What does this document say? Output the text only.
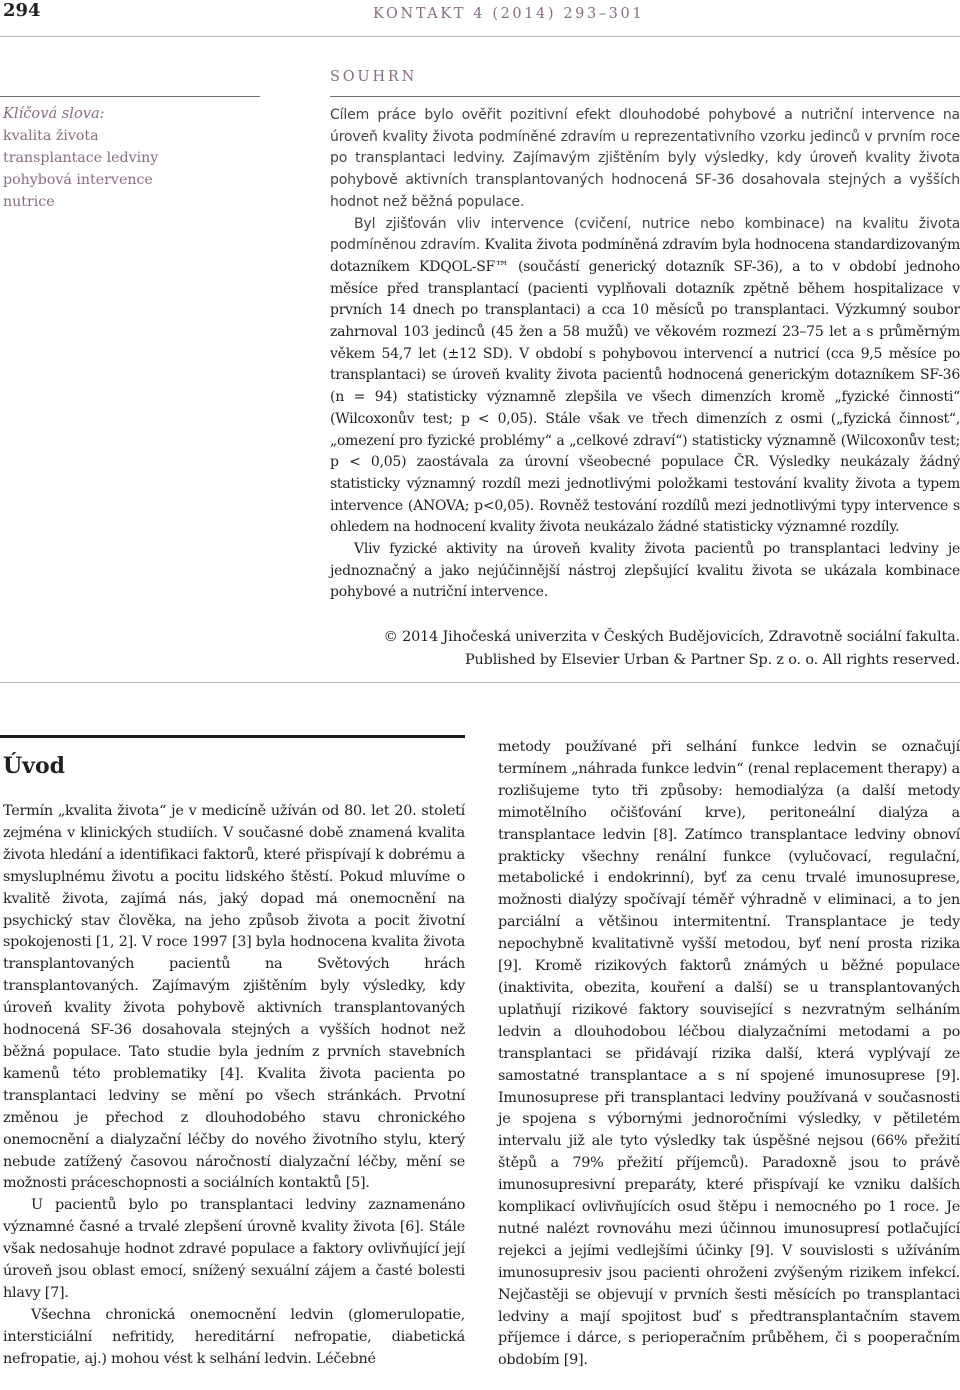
294	KONTAKT 4 (2014) 293–301
SOUHRN
Klíčová slova:
kvalita života
transplantace ledviny
pohybová intervence
nutrice

Cílem práce bylo ověřit pozitivní efekt dlouhodobé pohybové a nutriční intervence na úroveň kvality života podmíněné zdravím u reprezentativního vzorku jedinců v prvním roce po transplantaci ledviny. Zajímavým zjištěním byly výsledky, kdy úroveň kvality života pohybově aktivních transplantovaných hodnocená SF-36 dosahovala stejných a vyšších hodnot než běžná populace.

Byl zjišťován vliv intervence (cvičení, nutrice nebo kombinace) na kvalitu života podmíněnou zdravím. Kvalita života podmíněná zdravím byla hodnocena standardizovaným dotazníkem KDQOL-SF™ (součástí generický dotazník SF-36), a to v období jednoho měsíce před transplantací (pacienti vyplňovali dotazník zpětně během hospitalizace v prvních 14 dnech po transplantaci) a cca 10 měsíců po transplantaci. Výzkumný soubor zahrnoval 103 jedinců (45 žen a 58 mužů) ve věkovém rozmezí 23–75 let a s průměrným věkem 54,7 let (±12 SD). V období s pohybovou intervencí a nutricí (cca 9,5 měsíce po transplantaci) se úroveň kvality života pacientů hodnocená generickým dotazníkem SF-36 (n = 94) statisticky významně zlepšila ve všech dimenzích kromě „fyzické činnosti“ (Wilcoxonův test; p < 0,05). Stále však ve třech dimenzích z osmi („fyzická činnost“, „omezení pro fyzické problémy“ a „celkové zdraví“) statisticky významně (Wilcoxonův test; p < 0,05) zaostávala za úrovní všeobecné populace ČR. Výsledky neukázaly žádný statisticky významný rozdíl mezi jednotlivými položkami testování kvality života a typem intervence (ANOVA; p<0,05). Rovněž testování rozdílů mezi jednotlivými typy intervence s ohledem na hodnocení kvality života neukázalo žádné statisticky významné rozdíly.

Vliv fyzické aktivity na úroveň kvality života pacientů po transplantaci ledviny je jednoznačný a jako nejúčinnější nástroj zlepšující kvalitu života se ukázala kombinace pohybové a nutriční intervence.

© 2014 Jihočeská univerzita v Českých Budějovicích, Zdravotně sociální fakulta.
Published by Elsevier Urban & Partner Sp. z o. o. All rights reserved.
Úvod

Termín „kvalita života“ je v medicíně užíván od 80. let 20. století zejména v klinických studiích. V současné době znamená kvalita života hledání a identifikaci faktorů, které přispívají k dobrému a smysluplnému životu a pocitu lidského štěstí. Pokud mluvíme o kvalitě života, zajímá nás, jaký dopad má onemocnění na psychický stav člověka, na jeho způsob života a pocit životní spokojenosti [1, 2]. V roce 1997 [3] byla hodnocena kvalita života transplantovaných pacientů na Světových hrách transplantovaných. Zajímavým zjištěním byly výsledky, kdy úroveň kvality života pohybově aktivních transplantovaných hodnocená SF-36 dosahovala stejných a vyšších hodnot než běžná populace. Tato studie byla jedním z prvních stavebních kamenů této problematiky [4]. Kvalita života pacienta po transplantaci ledviny se mění po všech stránkách. Prvotní změnou je přechod z dlouhodobého stavu chronického onemocnění a dialyzační léčby do nového životního stylu, který nebude zatížený časovou náročností dialyzační léčby, mění se možnosti práceschopnosti a sociálních kontaktů [5].

U pacientů bylo po transplantaci ledviny zaznamenáno významné časné a trvalé zlepšení úrovně kvality života [6]. Stále však nedosahuje hodnot zdravé populace a faktory ovlivňující její úroveň jsou oblast emocí, snížený sexuální zájem a časté bolesti hlavy [7].

Všechna chronická onemocnění ledvin (glomerulopatie, intersticiální nefritidy, hereditární nefropatie, diabetická nefropatie, aj.) mohou vést k selhání ledvin. Léčebné

metody používané při selhání funkce ledvin se označují termínem „náhrada funkce ledvin“ (renal replacement therapy) a rozlišujeme tyto tři způsoby: hemodialýza (a další metody mimotělního očišťování krve), peritoneální dialýza a transplantace ledvin [8]. Zatímco transplantace ledviny obnoví prakticky všechny renální funkce (vylučovací, regulační, metabolické i endokrinní), byť za cenu trvalé imunosuprese, možnosti dialýzy spočívají téměř výhradně v eliminaci, a to jen parciální a většinou intermitentní. Transplantace je tedy nepochybně kvalitativně vyšší metodou, byť není prosta rizika [9]. Kromě rizikových faktorů známých u běžné populace (inaktivita, obezita, kouření a další) se u transplantovaných uplatňují rizikové faktory související s nezvratným selháním ledvin a dlouhodobou léčbou dialyzačními metodami a po transplantaci se přidávají rizika další, která vyplývají ze samostatné transplantace a s ní spojené imunosuprese [9]. Imunosuprese při transplantaci ledviny používaná v současnosti je spojena s výbornými jednoročními výsledky, v pětiletém intervalu již ale tyto výsledky tak úspěšné nejsou (66% přežití štěpů a 79% přežití příjemců). Paradoxně jsou to právě imunosupresivní preparáty, které přispívají ke vzniku dalších komplikací ovlivňujících osud štěpu i nemocného po 1 roce. Je nutné nalézt rovnováhu mezi účinnou imunosupresí potlačující rejekci a jejími vedlejšími účinky [9]. V souvislosti s užíváním imunosupresiv jsou pacienti ohroženi zvýšeným rizikem infekcí. Nejčastěji se objevují v prvních šesti měsících po transplantaci ledviny a mají spojitost buď s předtransplantačním stavem příjemce i dárce, s perioperačním průběhem, či s pooperačním obdobím [9].
